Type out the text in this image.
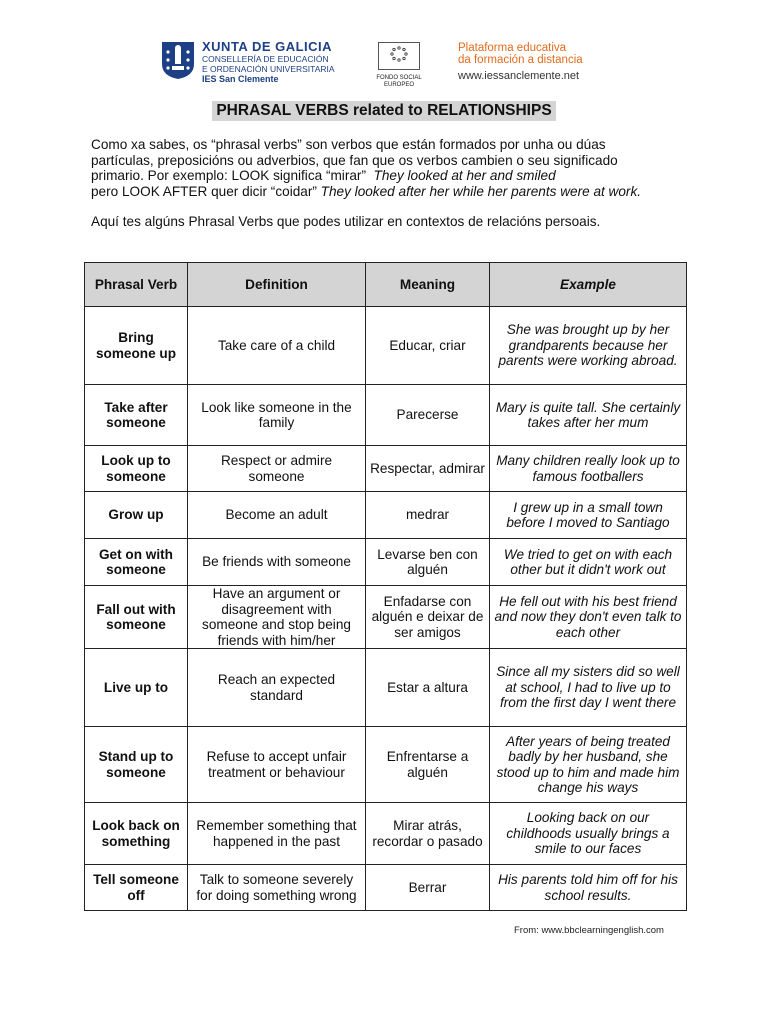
XUNTA DE GALICIA
CONSELLERÍA DE EDUCACIÓN
E ORDENACIÓN UNIVERSITARIA
IES San Clemente	FONDO SOCIAL
EUROPEO
Plataforma educativa
da formación a distancia
www.iessanclemente.net
PHRASAL VERBS related to RELATIONSHIPS

Como xa sabes, os “phrasal verbs” son verbos que están formados por unha ou dúas

partículas, preposicións ou adverbios, que fan que os verbos cambien o seu significado

primario. Por exemplo: LOOK significa “mirar” They looked at her and smiled

pero LOOK AFTER quer dicir “coidar” They looked after her while her parents were at work.

Aquí tes algúns Phrasal Verbs que podes utilizar en contextos de relacións persoais.

Phrasal Verb	Definition	Meaning	Example
Bring someone up	Take care of a child	Educar, criar	She was brought up by her grandparents because her parents were working abroad.
Take after someone	Look like someone in the family	Parecerse	Mary is quite tall. She certainly takes after her mum
Look up to someone	Respect or admire someone	Respectar, admirar	Many children really look up to famous footballers
Grow up	Become an adult	medrar	I grew up in a small town before I moved to Santiago
Get on with someone	Be friends with someone	Levarse ben con alguén	We tried to get on with each other but it didn't work out
Fall out with someone	Have an argument or disagreement with someone and stop being friends with him/her	Enfadarse con alguén e deixar de ser amigos	He fell out with his best friend and now they don't even talk to each other
Live up to	Reach an expected standard	Estar a altura	Since all my sisters did so well at school, I had to live up to from the first day I went there
Stand up to someone	Refuse to accept unfair treatment or behaviour	Enfrentarse a alguén	After years of being treated badly by her husband, she stood up to him and made him change his ways
Look back on something	Remember something that happened in the past	Mirar atrás, recordar o pasado	Looking back on our childhoods usually brings a smile to our faces
Tell someone off	Talk to someone severely for doing something wrong	Berrar	His parents told him off for his school results.
From: www.bbclearningenglish.com
